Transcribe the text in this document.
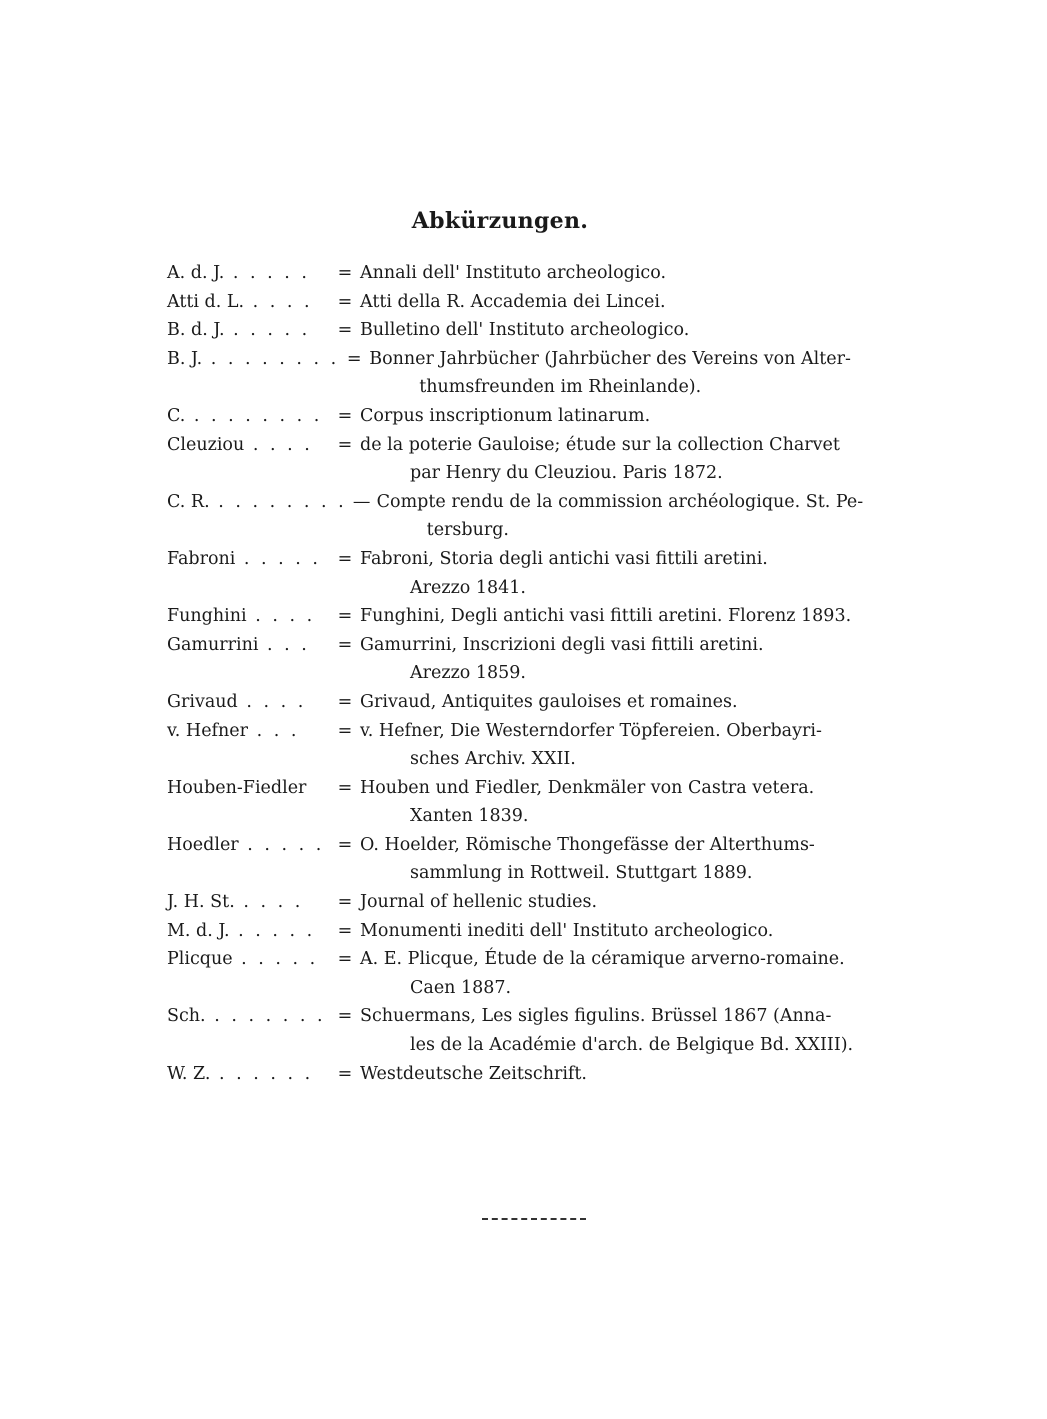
Abkürzungen.
A. d. J. . . . . .	= Annali dell' Instituto archeologico.
Atti d. L. . . . .	= Atti della R. Accademia dei Lincei.
B. d. J. . . . . .	= Bulletino dell' Instituto archeologico.
B. J. . . . . . . . . = Bonner Jahrbücher (Jahrbücher des Vereins von Alter-
thumsfreunden im Rheinlande).
C. . . . . . . . . = Corpus inscriptionum latinarum.
Cleuziou . . . .	= de la poterie Gauloise; étude sur la collection Charvet
par Henry du Cleuziou. Paris 1872.
C. R. . . . . . . . . — Compte rendu de la commission archéologique. St. Pe-
tersburg.
Fabroni . . . . . = Fabroni, Storia degli antichi vasi fittili aretini.
Arezzo 1841.
Funghini . . . .	= Funghini, Degli antichi vasi fittili aretini. Florenz 1893.
Gamurrini . . .	= Gamurrini, Inscrizioni degli vasi fittili aretini.
Arezzo 1859.
Grivaud . . . .	= Grivaud, Antiquites gauloises et romaines.
v. Hefner . . .	= v. Hefner, Die Westerndorfer Töpfereien. Oberbayri-
sches Archiv. XXII.
Houben-Fiedler	= Houben und Fiedler, Denkmäler von Castra vetera.
Xanten 1839.
Hoedler . . . . . = O. Hoelder, Römische Thongefässe der Alterthums-
sammlung in Rottweil. Stuttgart 1889.
J. H. St. . . . .	= Journal of hellenic studies.
M. d. J. . . . . .	= Monumenti inediti dell' Instituto archeologico.
Plicque . . . . .	= A. E. Plicque, Étude de la céramique arverno-romaine.
Caen 1887.
Sch. . . . . . . . = Schuermans, Les sigles figulins. Brüssel 1867 (Anna-
les de la Académie d'arch. de Belgique Bd. XXIII).
W. Z. . . . . . .	= Westdeutsche Zeitschrift.
